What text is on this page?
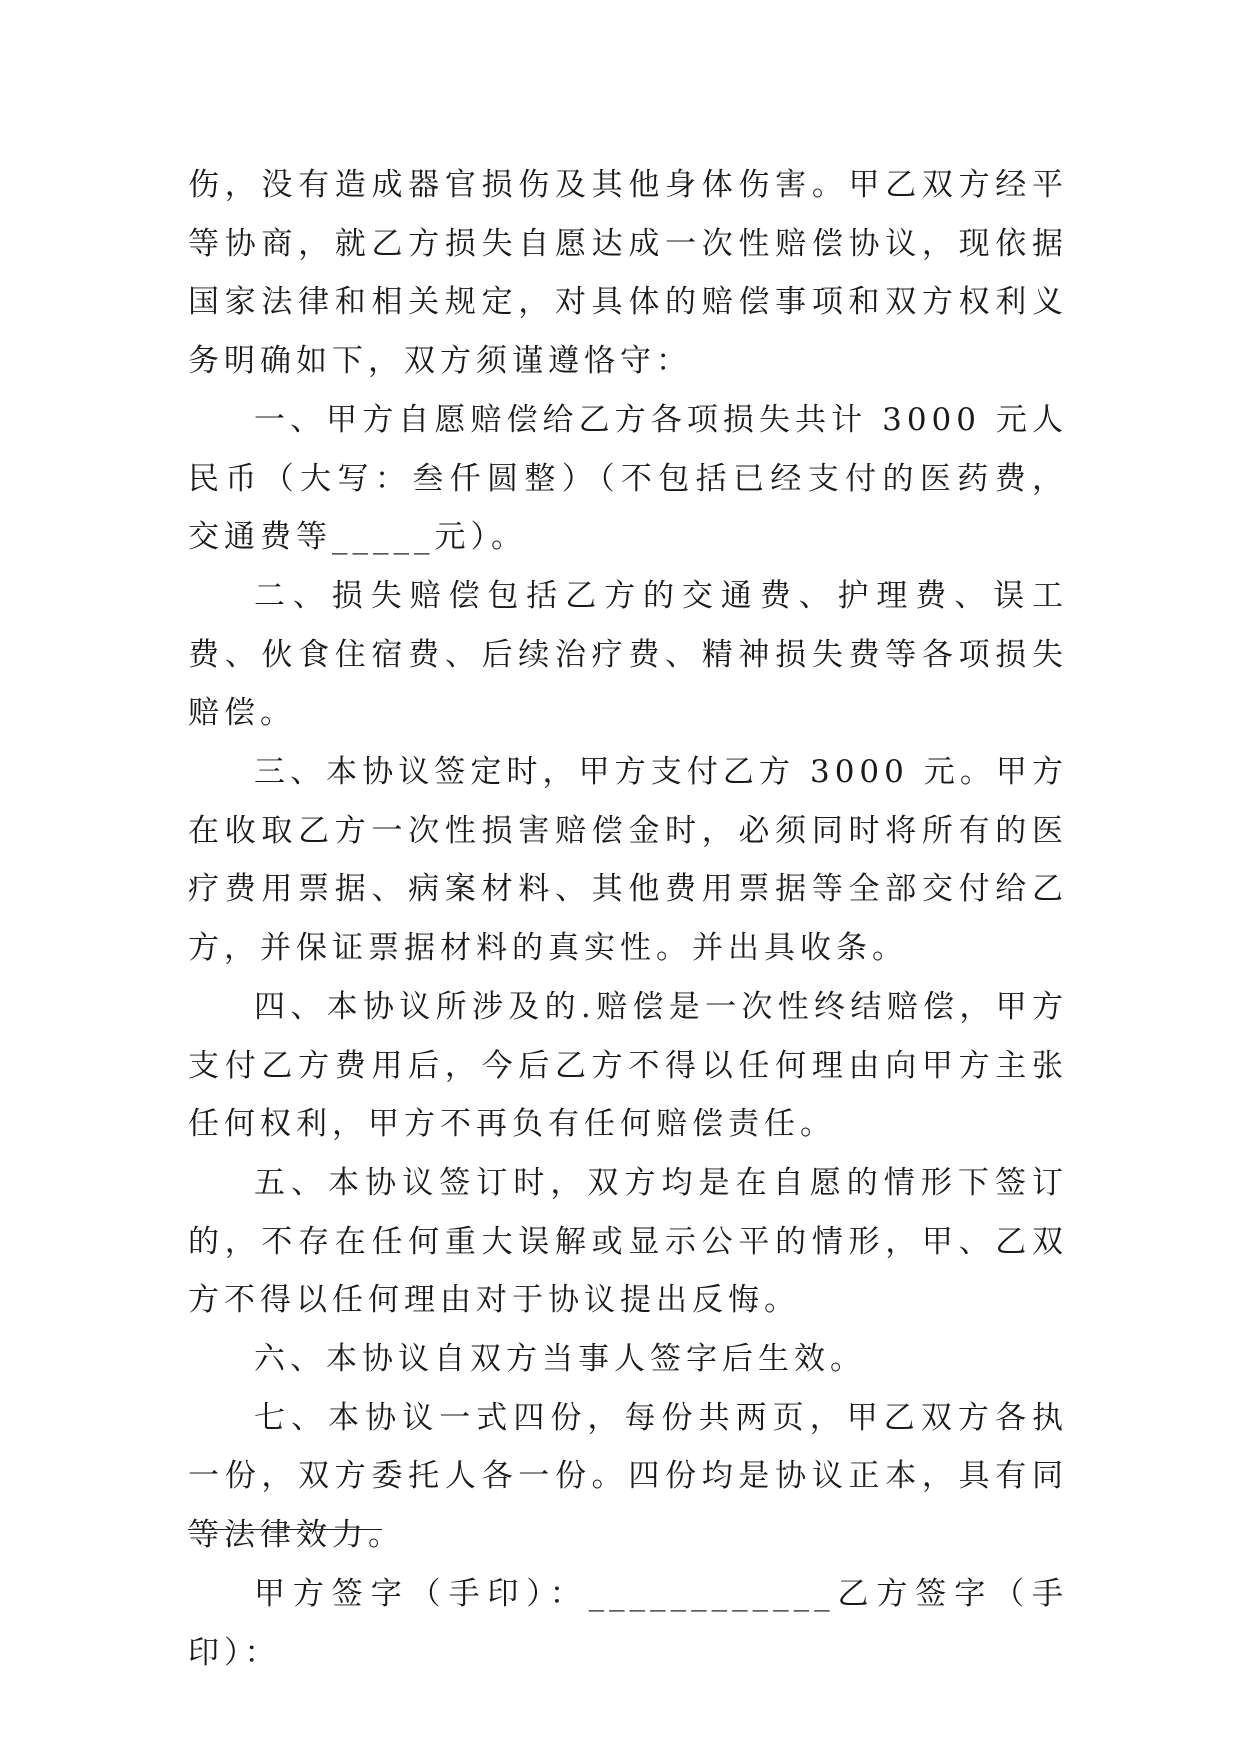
伤，没有造成器官损伤及其他身体伤害。甲乙双方经平等协商，就乙方损失自愿达成一次性赔偿协议，现依据国家法律和相关规定，对具体的赔偿事项和双方权利义务明确如下，双方须谨遵恪守：

一、甲方自愿赔偿给乙方各项损失共计 3000 元人民币（大写：叁仟圆整）（不包括已经支付的医药费，交通费等_____元）。

二、损失赔偿包括乙方的交通费、护理费、误工费、伙食住宿费、后续治疗费、精神损失费等各项损失赔偿。

三、本协议签定时，甲方支付乙方 3000 元。甲方在收取乙方一次性损害赔偿金时，必须同时将所有的医疗费用票据、病案材料、其他费用票据等全部交付给乙方，并保证票据材料的真实性。并出具收条。

四、本协议所涉及的.赔偿是一次性终结赔偿，甲方支付乙方费用后，今后乙方不得以任何理由向甲方主张任何权利，甲方不再负有任何赔偿责任。

五、本协议签订时，双方均是在自愿的情形下签订的，不存在任何重大误解或显示公平的情形，甲、乙双方不得以任何理由对于协议提出反悔。

六、本协议自双方当事人签字后生效。

七、本协议一式四份，每份共两页，甲乙双方各执一份，双方委托人各一份。四份均是协议正本，具有同等法律效力。

甲方签字（手印）：____________乙方签字（手印）：
